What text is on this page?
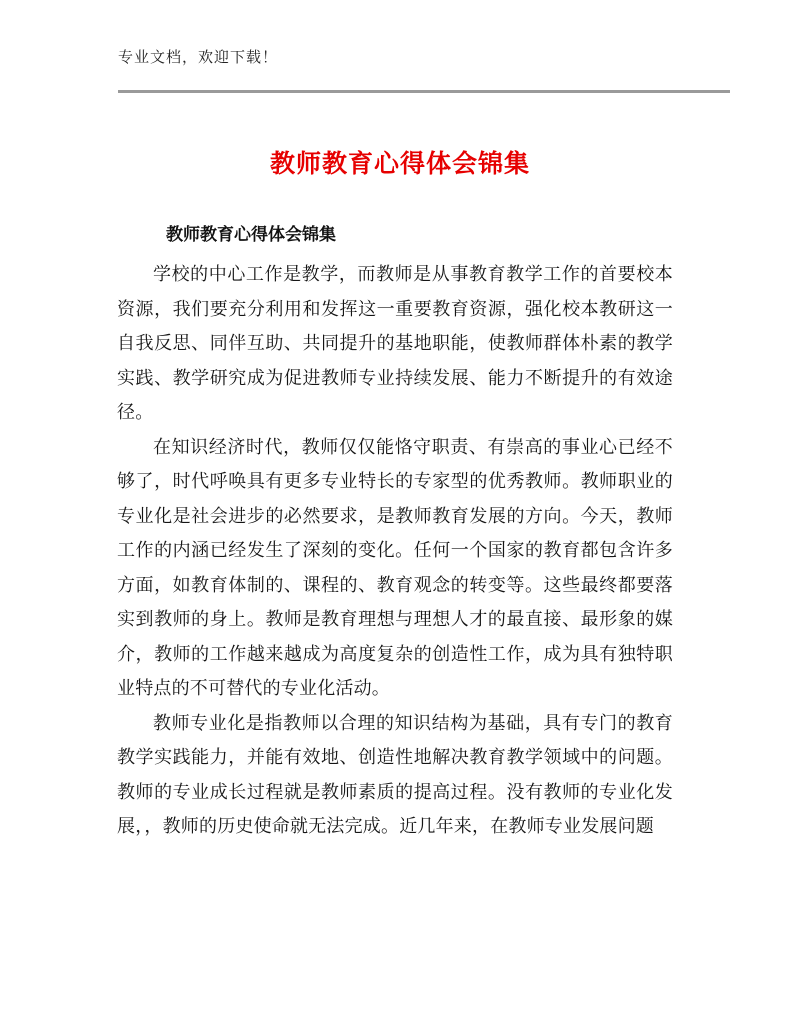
专业文档，欢迎下载！
教师教育心得体会锦集
教师教育心得体会锦集

学校的中心工作是教学，而教师是从事教育教学工作的首要校本资源，我们要充分利用和发挥这一重要教育资源，强化校本教研这一自我反思、同伴互助、共同提升的基地职能，使教师群体朴素的教学实践、教学研究成为促进教师专业持续发展、能力不断提升的有效途径。

在知识经济时代，教师仅仅能恪守职责、有崇高的事业心已经不够了，时代呼唤具有更多专业特长的专家型的优秀教师。教师职业的专业化是社会进步的必然要求，是教师教育发展的方向。今天，教师工作的内涵已经发生了深刻的变化。任何一个国家的教育都包含许多方面，如教育体制的、课程的、教育观念的转变等。这些最终都要落实到教师的身上。教师是教育理想与理想人才的最直接、最形象的媒介，教师的工作越来越成为高度复杂的创造性工作，成为具有独特职业特点的不可替代的专业化活动。

教师专业化是指教师以合理的知识结构为基础，具有专门的教育教学实践能力，并能有效地、创造性地解决教育教学领域中的问题。教师的专业成长过程就是教师素质的提高过程。没有教师的专业化发展，，教师的历史使命就无法完成。近几年来，在教师专业发展问题
